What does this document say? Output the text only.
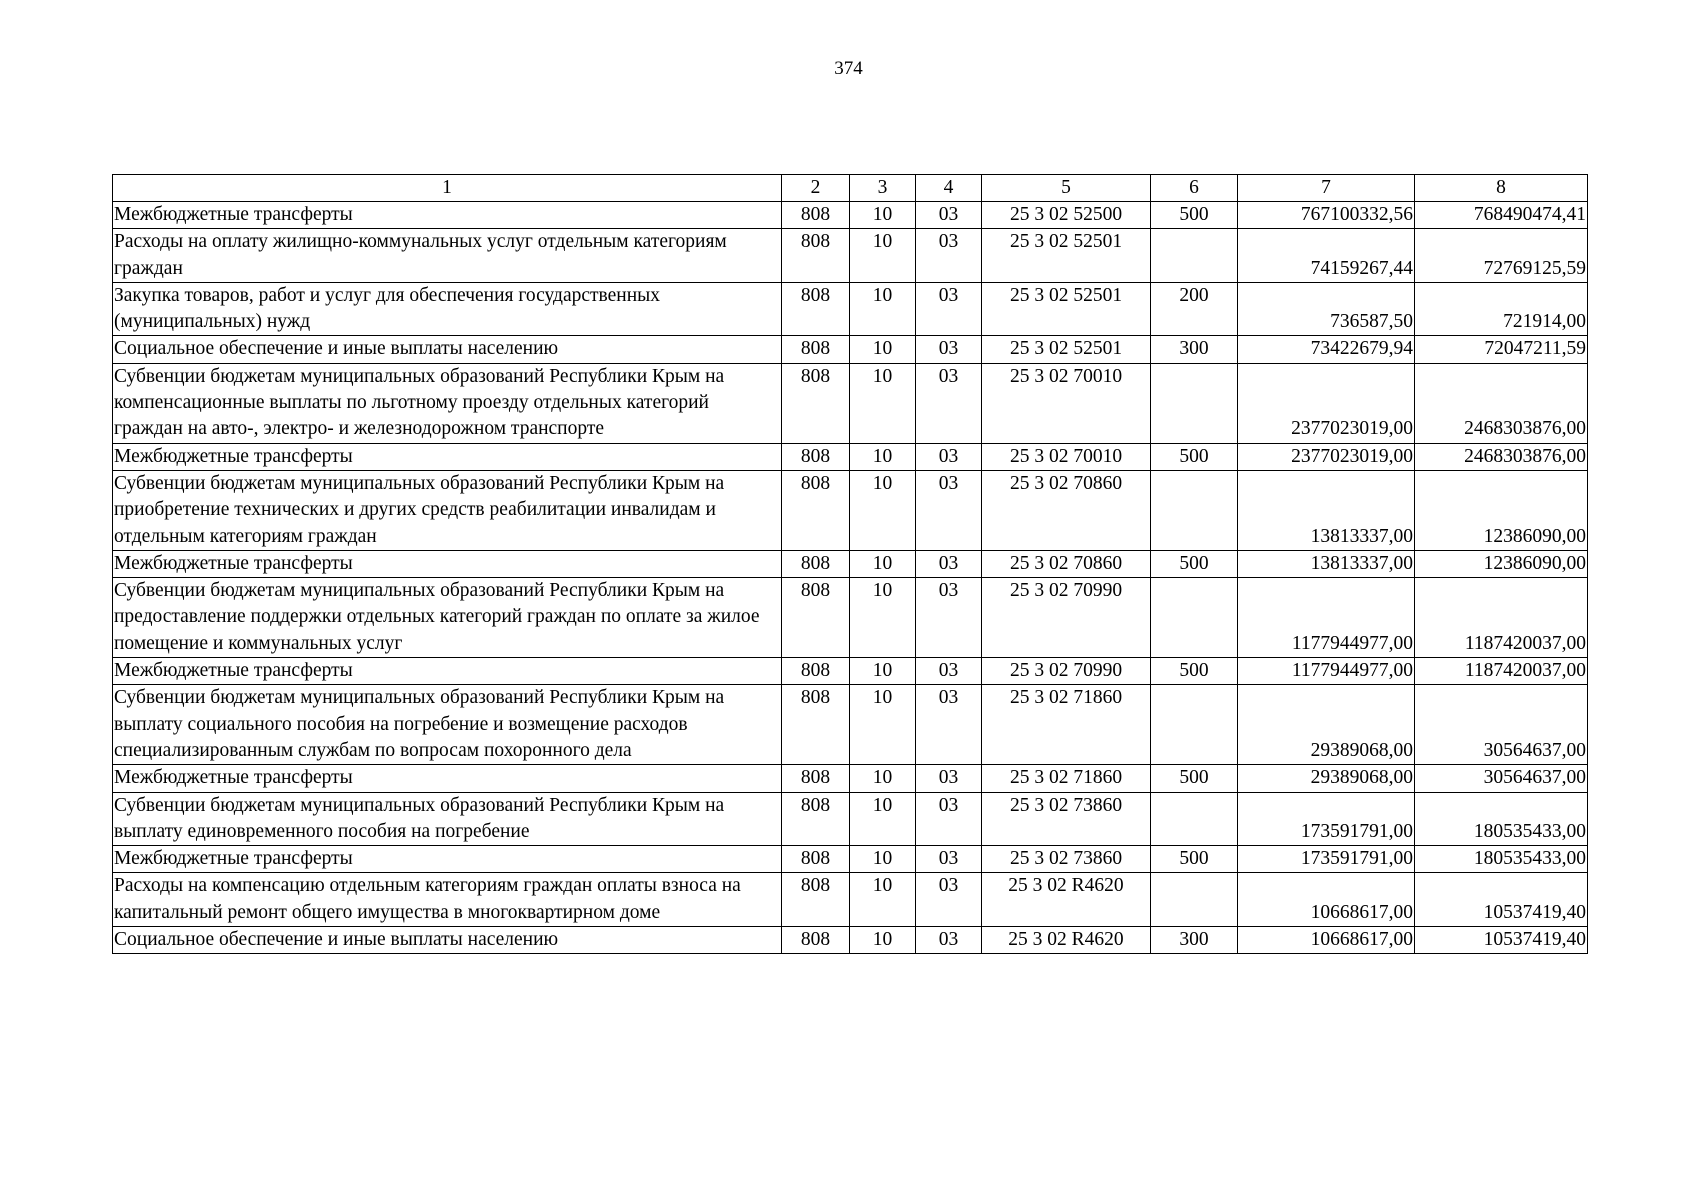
374
1	2	3	4	5	6	7	8
Межбюджетные трансферты	808	10	03	25 3 02 52500	500	767100332,56	768490474,41
Расходы на оплату жилищно-коммунальных услуг отдельным категориям граждан	808	10	03	25 3 02 52501		74159267,44	72769125,59
Закупка товаров, работ и услуг для обеспечения государственных (муниципальных) нужд	808	10	03	25 3 02 52501	200	736587,50	721914,00
Социальное обеспечение и иные выплаты населению	808	10	03	25 3 02 52501	300	73422679,94	72047211,59
Субвенции бюджетам муниципальных образований Республики Крым на компенсационные выплаты по льготному проезду отдельных категорий граждан на авто-, электро- и железнодорожном транспорте	808	10	03	25 3 02 70010		2377023019,00	2468303876,00
Межбюджетные трансферты	808	10	03	25 3 02 70010	500	2377023019,00	2468303876,00
Субвенции бюджетам муниципальных образований Республики Крым на приобретение технических и других средств реабилитации инвалидам и отдельным категориям граждан	808	10	03	25 3 02 70860		13813337,00	12386090,00
Межбюджетные трансферты	808	10	03	25 3 02 70860	500	13813337,00	12386090,00
Субвенции бюджетам муниципальных образований Республики Крым на предоставление поддержки отдельных категорий граждан по оплате за жилое помещение и коммунальных услуг	808	10	03	25 3 02 70990		1177944977,00	1187420037,00
Межбюджетные трансферты	808	10	03	25 3 02 70990	500	1177944977,00	1187420037,00
Субвенции бюджетам муниципальных образований Республики Крым на выплату социального пособия на погребение и возмещение расходов специализированным службам по вопросам похоронного дела	808	10	03	25 3 02 71860		29389068,00	30564637,00
Межбюджетные трансферты	808	10	03	25 3 02 71860	500	29389068,00	30564637,00
Субвенции бюджетам муниципальных образований Республики Крым на выплату единовременного пособия на погребение	808	10	03	25 3 02 73860		173591791,00	180535433,00
Межбюджетные трансферты	808	10	03	25 3 02 73860	500	173591791,00	180535433,00
Расходы на компенсацию отдельным категориям граждан оплаты взноса на капитальный ремонт общего имущества в многоквартирном доме	808	10	03	25 3 02 R4620		10668617,00	10537419,40
Социальное обеспечение и иные выплаты населению	808	10	03	25 3 02 R4620	300	10668617,00	10537419,40
